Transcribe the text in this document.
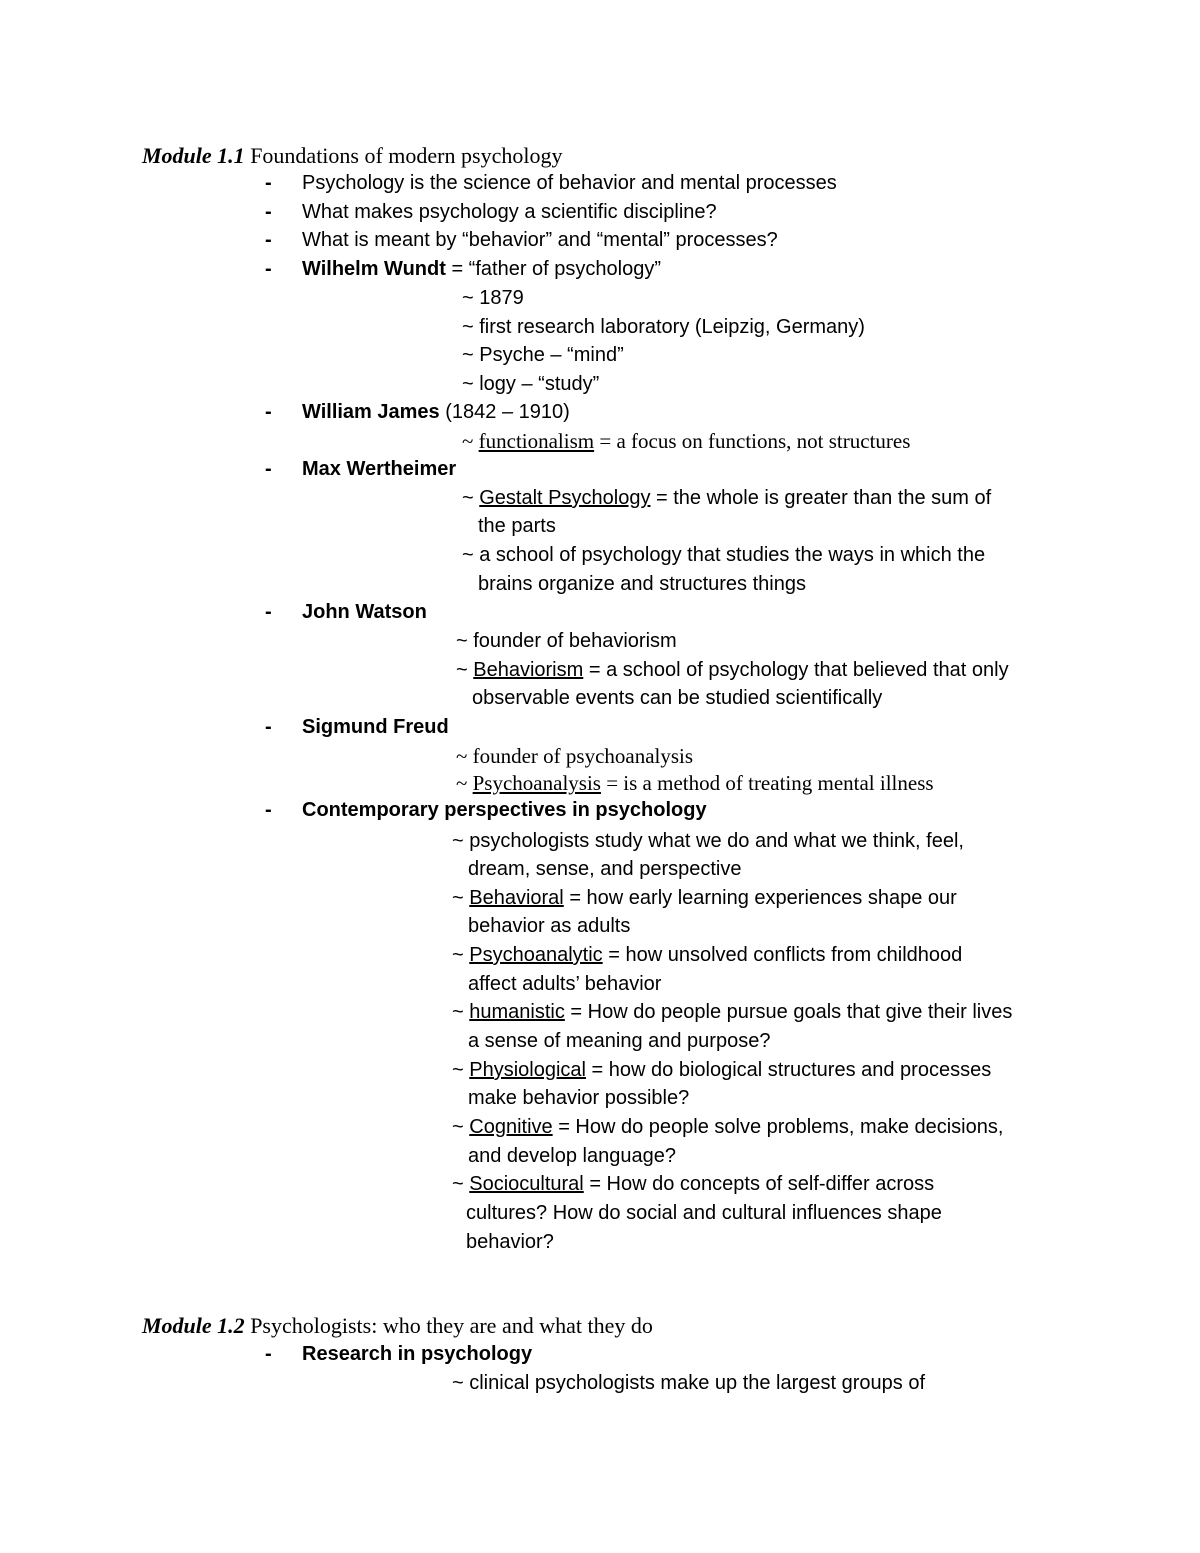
Module 1.1 Foundations of modern psychology
- Psychology is the science of behavior and mental processes
- What makes psychology a scientific discipline?
- What is meant by “behavior” and “mental” processes?
- Wilhelm Wundt = “father of psychology”
~ 1879
~ first research laboratory (Leipzig, Germany)
~ Psyche – “mind”
~ logy – “study”
- William James (1842 – 1910)
~ functionalism = a focus on functions, not structures
- Max Wertheimer
~ Gestalt Psychology = the whole is greater than the sum of
the parts
~ a school of psychology that studies the ways in which the
brains organize and structures things
- John Watson
~ founder of behaviorism
~ Behaviorism = a school of psychology that believed that only
observable events can be studied scientifically
- Sigmund Freud
~ founder of psychoanalysis
~ Psychoanalysis = is a method of treating mental illness
- Contemporary perspectives in psychology
~ psychologists study what we do and what we think, feel,
dream, sense, and perspective
~ Behavioral = how early learning experiences shape our
behavior as adults
~ Psychoanalytic = how unsolved conflicts from childhood
affect adults’ behavior
~ humanistic = How do people pursue goals that give their lives
a sense of meaning and purpose?
~ Physiological = how do biological structures and processes
make behavior possible?
~ Cognitive = How do people solve problems, make decisions,
and develop language?
~ Sociocultural = How do concepts of self-differ across
cultures? How do social and cultural influences shape
behavior?
Module 1.2 Psychologists: who they are and what they do
- Research in psychology
~ clinical psychologists make up the largest groups of
